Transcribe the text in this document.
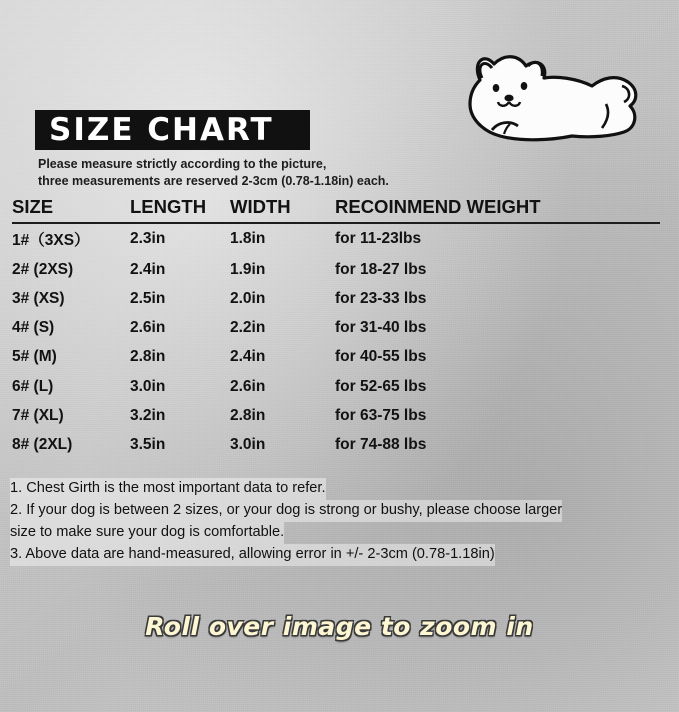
SIZE CHART
Please measure strictly according to the picture,
three measurements are reserved 2-3cm (0.78-1.18in) each.
SIZE	LENGTH	WIDTH	RECOINMEND WEIGHT
1#（3XS）	2.3in	1.8in	for 11-23lbs
2# (2XS)	2.4in	1.9in	for 18-27 lbs
3# (XS)	2.5in	2.0in	for 23-33 lbs
4# (S)	2.6in	2.2in	for 31-40 lbs
5# (M)	2.8in	2.4in	for 40-55 lbs
6# (L)	3.0in	2.6in	for 52-65 lbs
7# (XL)	3.2in	2.8in	for 63-75 lbs
8# (2XL)	3.5in	3.0in	for 74-88 lbs
1. Chest Girth is the most important data to refer.
2. If your dog is between 2 sizes, or your dog is strong or bushy, please choose larger
size to make sure your dog is comfortable.
3. Above data are hand-measured, allowing error in +/- 2-3cm (0.78-1.18in)
Roll over image to zoom in
